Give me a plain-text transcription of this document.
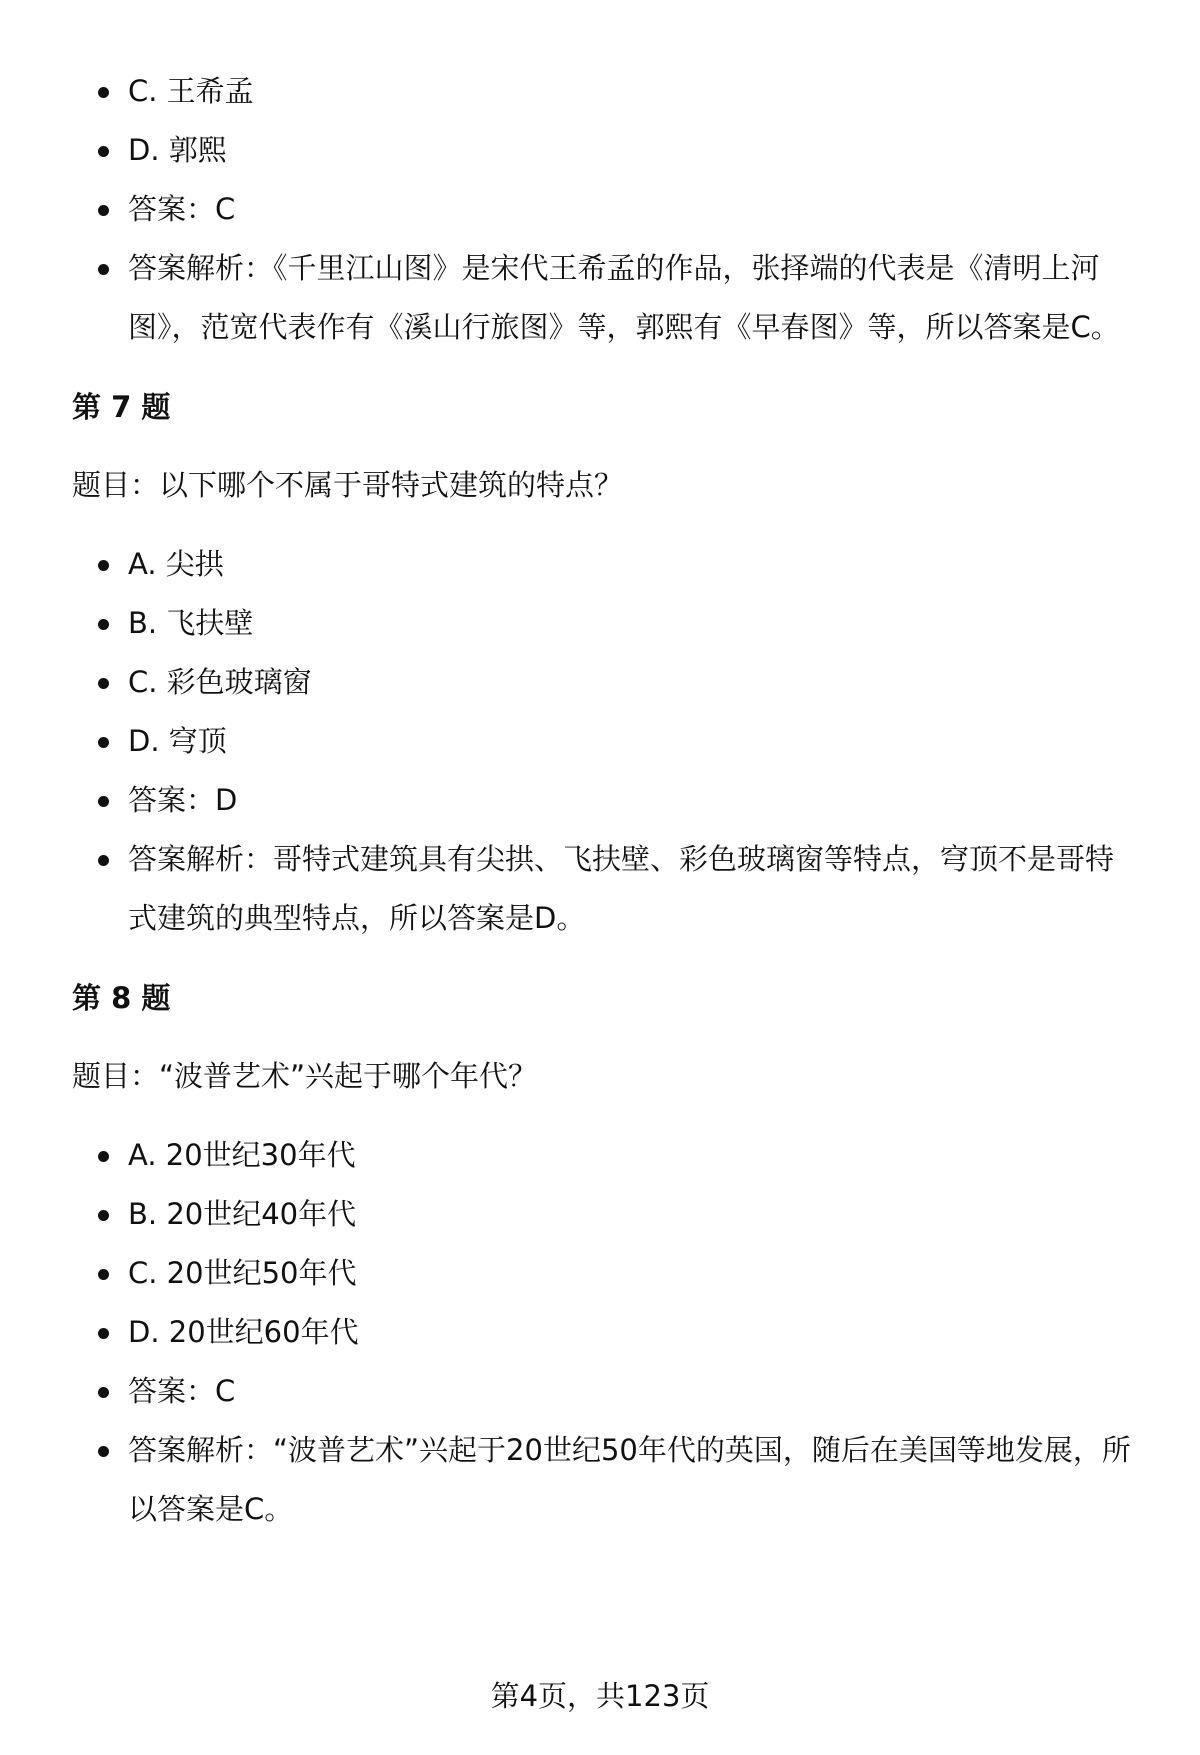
C. 王希孟
D. 郭熙
答案：C
答案解析：《千里江山图》是宋代王希孟的作品，张择端的代表是《清明上河图》，范宽代表作有《溪山行旅图》等，郭熙有《早春图》等，所以答案是C。
第 7 题
题目：以下哪个不属于哥特式建筑的特点？
A. 尖拱
B. 飞扶壁
C. 彩色玻璃窗
D. 穹顶
答案：D
答案解析：哥特式建筑具有尖拱、飞扶壁、彩色玻璃窗等特点，穹顶不是哥特式建筑的典型特点，所以答案是D。
第 8 题
题目：“波普艺术”兴起于哪个年代？
A. 20世纪30年代
B. 20世纪40年代
C. 20世纪50年代
D. 20世纪60年代
答案：C
答案解析：“波普艺术”兴起于20世纪50年代的英国，随后在美国等地发展，所以答案是C。
第4页，共123页
